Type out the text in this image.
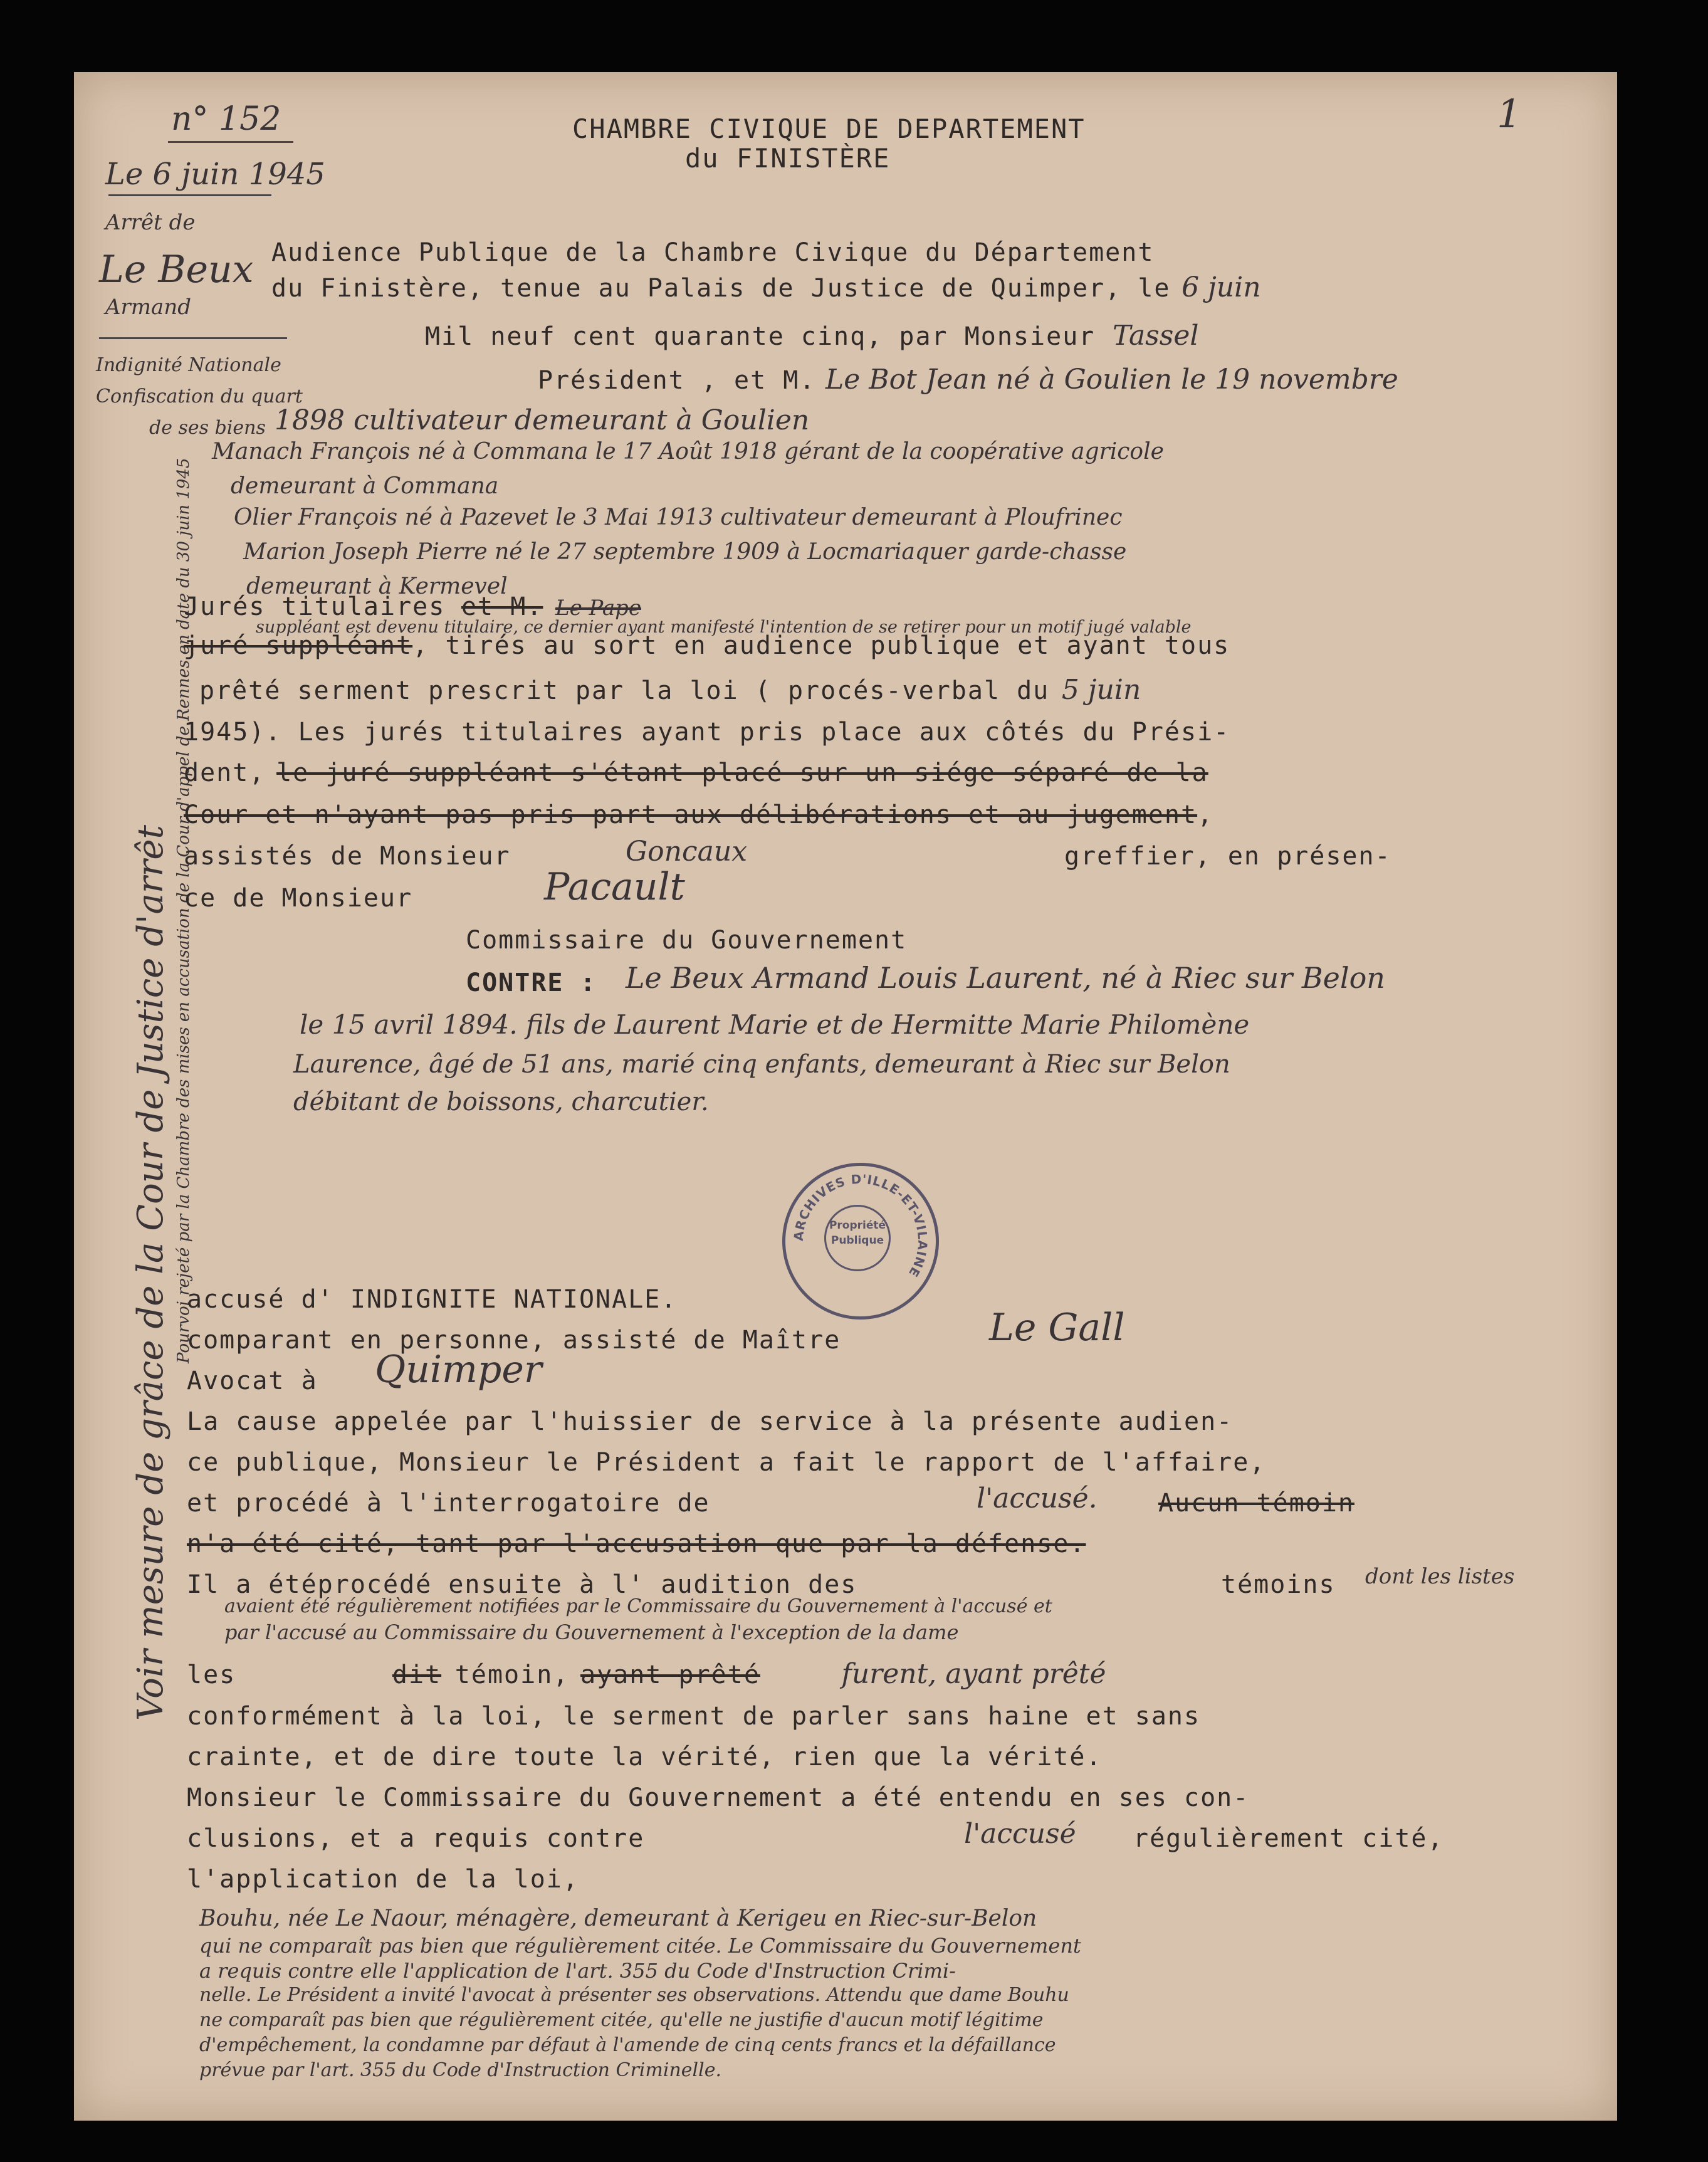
n° 152	1
CHAMBRE CIVIQUE DE DEPARTEMENT
du FINISTÈRE
Le 6 juin 1945
Arrêt de
Le Beux
Armand
Indignité Nationale
Confiscation du quart
de ses biens
Pourvoi rejeté par la Chambre des mises en accusation de la Cour d'appel de Rennes en date du 30 juin 1945
Voir mesure de grâce de la Cour de Justice d'arrêt
Audience Publique de la Chambre Civique du Département
du Finistère, tenue au Palais de Justice de Quimper, le 6 juin
Mil neuf cent quarante cinq, par Monsieur Tassel
Président , et M. Le Bot Jean né à Goulien le 19 novembre
1898 cultivateur demeurant à Goulien
Manach François né à Commana le 17 Août 1918 gérant de la coopérative agricole
demeurant à Commana
Olier François né à Pazevet le 3 Mai 1913 cultivateur demeurant à Ploufrinec
Marion Joseph Pierre né le 27 septembre 1909 à Locmariaquer garde-chasse
demeurant à Kermevel
suppléant est devenu titulaire, ce dernier ayant manifesté l'intention de se retirer pour un motif jugé valable
Jurés titulaires et M. Le Pape
juré suppléant, tirés au sort en audience publique et ayant tous
prêté serment prescrit par la loi ( procés-verbal du 5 juin
1945). Les jurés titulaires ayant pris place aux côtés du Prési-
dent, le juré suppléant s'étant placé sur un siége séparé de la
Cour et n'ayant pas pris part aux délibérations et au jugement,
assistés de Monsieur	Goncaux	greffier, en présen-
ce de Monsieur	Pacault
Commissaire du Gouvernement
CONTRE : Le Beux Armand Louis Laurent, né à Riec sur Belon
le 15 avril 1894. fils de Laurent Marie et de Hermitte Marie Philomène
Laurence, âgé de 51 ans, marié cinq enfants, demeurant à Riec sur Belon
débitant de boissons, charcutier.
ARCHIVES D'ILLE-ET-VILAINE
Propriété
Publique
accusé d' INDIGNITE NATIONALE.
comparant en personne, assisté de Maître	Le Gall
Avocat à Quimper
La cause appelée par l'huissier de service à la présente audien-
ce publique, Monsieur le Président a fait le rapport de l'affaire,
et procédé à l'interrogatoire de	l'accusé. Aucun témoin
n'a été cité, tant par l'accusation que par la défense.
Il a étéprocédé ensuite à l' audition des	témoins dont les listes
avaient été régulièrement notifiées par le Commissaire du Gouvernement à l'accusé et
par l'accusé au Commissaire du Gouvernement à l'exception de la dame
les	dit témoin, ayant prêté	furent, ayant prêté
conformément à la loi, le serment de parler sans haine et sans
crainte, et de dire toute la vérité, rien que la vérité.
Monsieur le Commissaire du Gouvernement a été entendu en ses con-
clusions, et a requis contre	l'accusé régulièrement cité,
l'application de la loi,
Bouhu, née Le Naour, ménagère, demeurant à Kerigeu en Riec-sur-Belon
qui ne comparaît pas bien que régulièrement citée. Le Commissaire du Gouvernement
a requis contre elle l'application de l'art. 355 du Code d'Instruction Crimi-
nelle. Le Président a invité l'avocat à présenter ses observations. Attendu que dame Bouhu
ne comparaît pas bien que régulièrement citée, qu'elle ne justifie d'aucun motif légitime
d'empêchement, la condamne par défaut à l'amende de cinq cents francs et la défaillance
prévue par l'art. 355 du Code d'Instruction Criminelle.
